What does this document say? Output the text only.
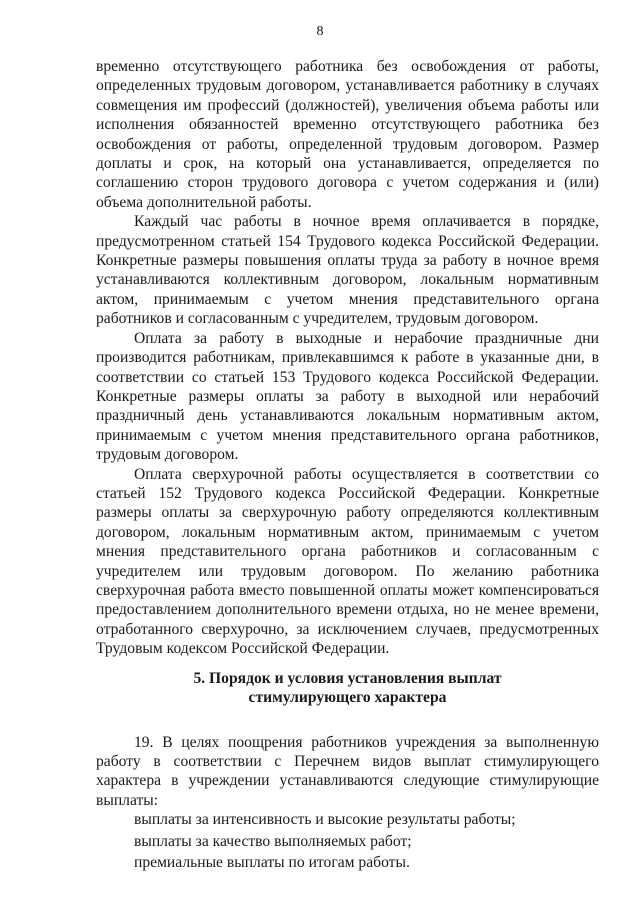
8

временно отсутствующего работника без освобождения от работы, определенных трудовым договором, устанавливается работнику в случаях совмещения им профессий (должностей), увеличения объема работы или исполнения обязанностей временно отсутствующего работника без освобождения от работы, определенной трудовым договором. Размер доплаты и срок, на который она устанавливается, определяется по соглашению сторон трудового договора с учетом содержания и (или) объема дополнительной работы.

Каждый час работы в ночное время оплачивается в порядке, предусмотренном статьей 154 Трудового кодекса Российской Федерации. Конкретные размеры повышения оплаты труда за работу в ночное время устанавливаются коллективным договором, локальным нормативным актом, принимаемым с учетом мнения представительного органа работников и согласованным с учредителем, трудовым договором.

Оплата за работу в выходные и нерабочие праздничные дни производится работникам, привлекавшимся к работе в указанные дни, в соответствии со статьей 153 Трудового кодекса Российской Федерации. Конкретные размеры оплаты за работу в выходной или нерабочий праздничный день устанавливаются локальным нормативным актом, принимаемым с учетом мнения представительного органа работников, трудовым договором.

Оплата сверхурочной работы осуществляется в соответствии со статьей 152 Трудового кодекса Российской Федерации. Конкретные размеры оплаты за сверхурочную работу определяются коллективным договором, локальным нормативным актом, принимаемым с учетом мнения представительного органа работников и согласованным с учредителем или трудовым договором. По желанию работника сверхурочная работа вместо повышенной оплаты может компенсироваться предоставлением дополнительного времени отдыха, но не менее времени, отработанного сверхурочно, за исключением случаев, предусмотренных Трудовым кодексом Российской Федерации.

5. Порядок и условия установления выплат
стимулирующего характера

19. В целях поощрения работников учреждения за выполненную работу в соответствии с Перечнем видов выплат стимулирующего характера в учреждении устанавливаются следующие стимулирующие выплаты:

выплаты за интенсивность и высокие результаты работы;
выплаты за качество выполняемых работ;
премиальные выплаты по итогам работы.
